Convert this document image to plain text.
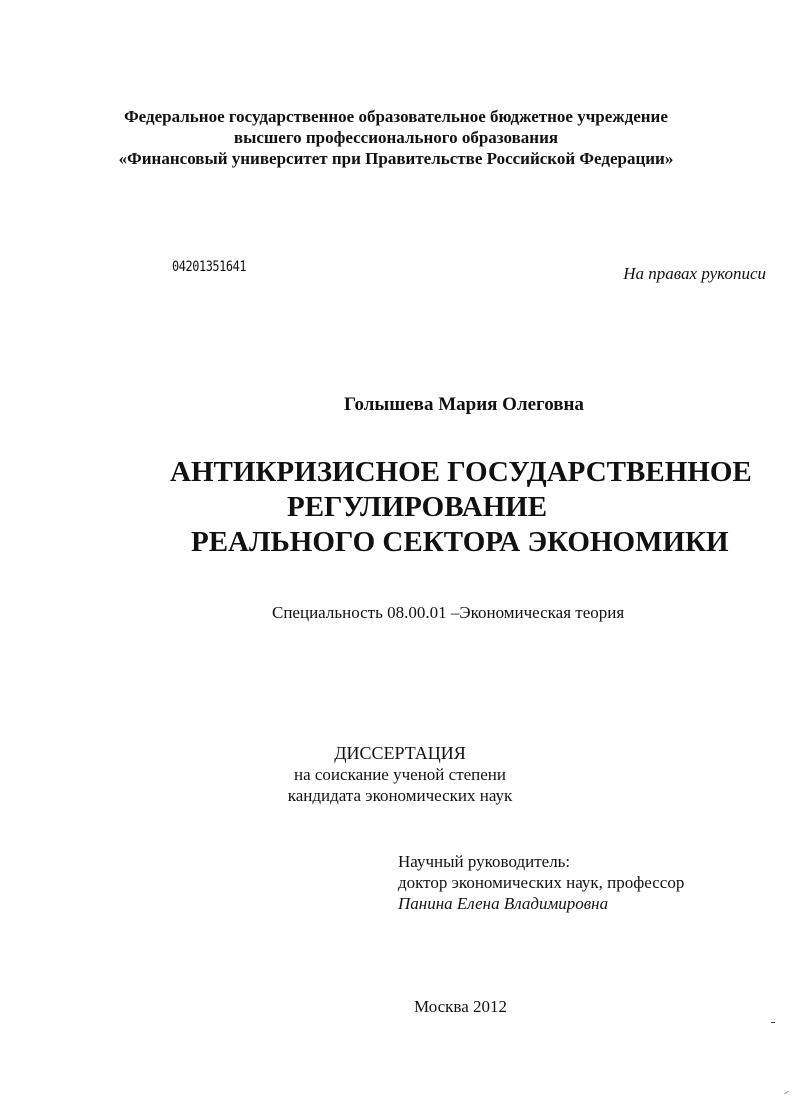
Федеральное государственное образовательное бюджетное учреждение
высшего профессионального образования
«Финансовый университет при Правительстве Российской Федерации»
04201351641	На правах рукописи
Голышева Мария Олеговна
АНТИКРИЗИСНОЕ ГОСУДАРСТВЕННОЕ
РЕГУЛИРОВАНИЕ
РЕАЛЬНОГО СЕКТОРА ЭКОНОМИКИ
Специальность 08.00.01 –Экономическая теория
ДИССЕРТАЦИЯ
на соискание ученой степени
кандидата экономических наук
Научный руководитель:
доктор экономических наук, профессор
Панина Елена Владимировна
Москва 2012
